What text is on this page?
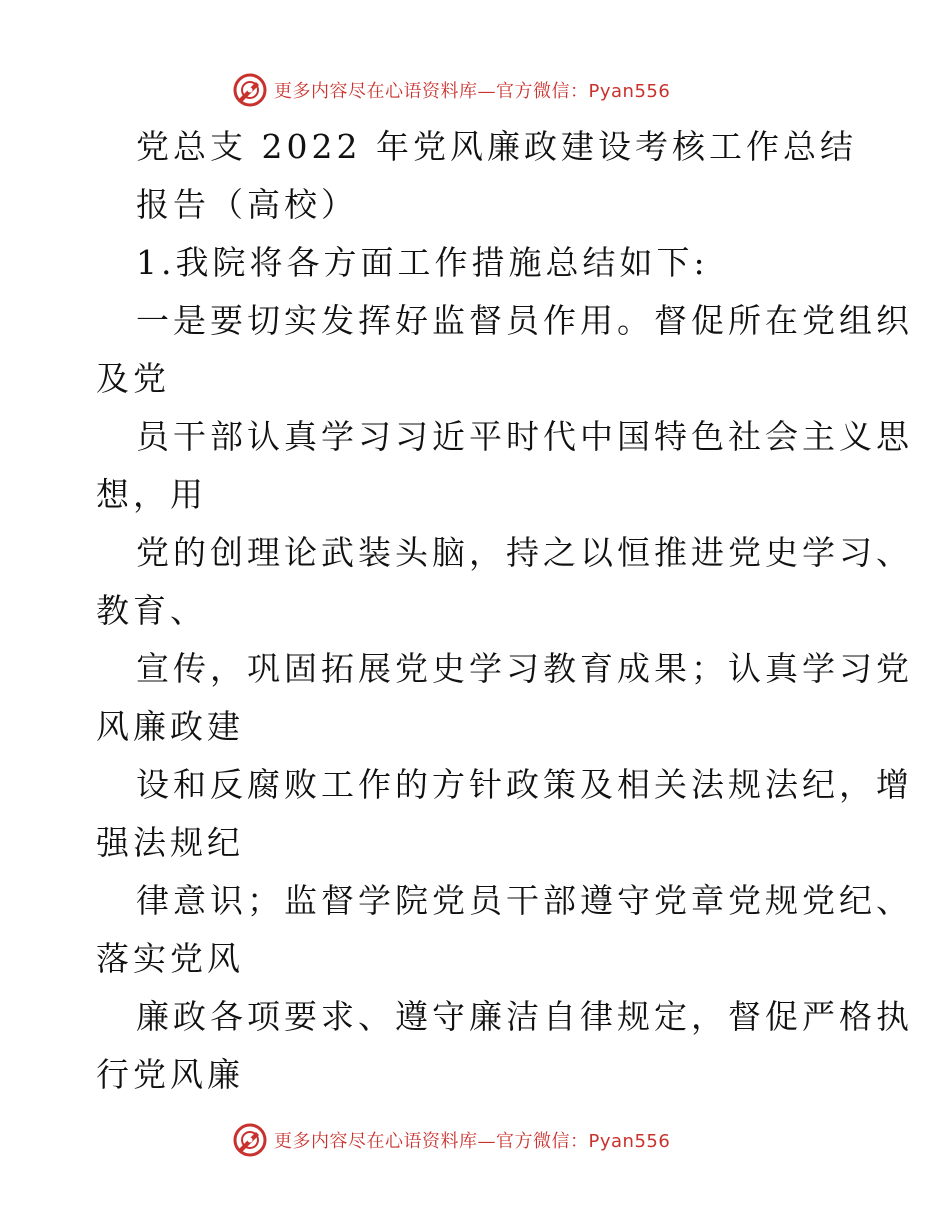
更多内容尽在心语资料库—官方微信：Pyan556
党总支 2022 年党风廉政建设考核工作总结
报告（高校）
1.我院将各方面工作措施总结如下:
一是要切实发挥好监督员作用。督促所在党组织
及党
员干部认真学习习近平时代中国特色社会主义思
想，用
党的创理论武装头脑，持之以恒推进党史学习、
教育、
宣传，巩固拓展党史学习教育成果；认真学习党
风廉政建
设和反腐败工作的方针政策及相关法规法纪，增
强法规纪
律意识；监督学院党员干部遵守党章党规党纪、
落实党风
廉政各项要求、遵守廉洁自律规定，督促严格执
行党风廉
更多内容尽在心语资料库—官方微信：Pyan556
